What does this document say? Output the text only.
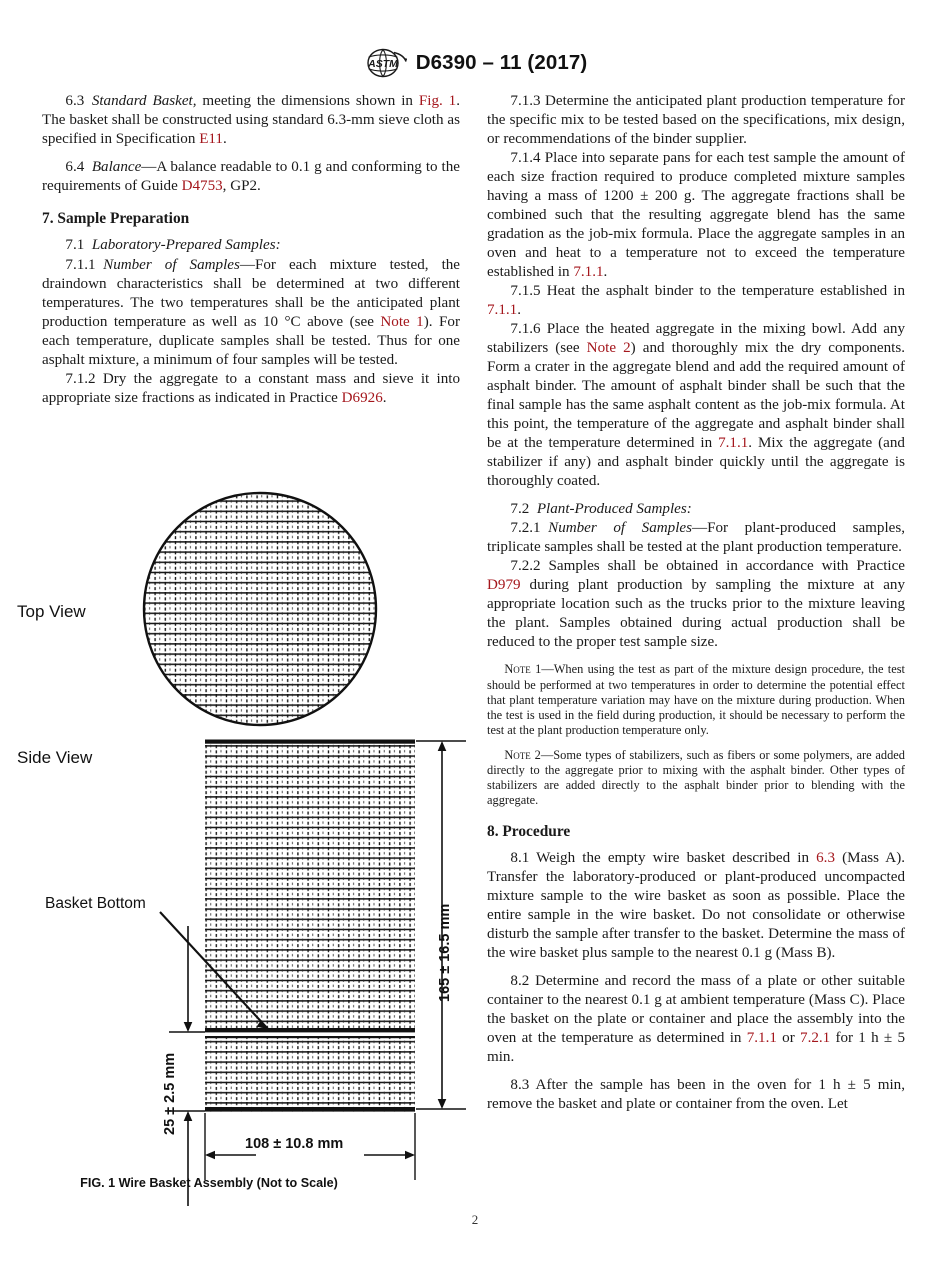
ASTM D6390 – 11 (2017)

6.3  Standard Basket, meeting the dimensions shown in Fig. 1. The basket shall be constructed using standard 6.3-mm sieve cloth as specified in Specification E11.

6.4  Balance—A balance readable to 0.1 g and conforming to the requirements of Guide D4753, GP2.

7. Sample Preparation

7.1  Laboratory-Prepared Samples:

7.1.1  Number of Samples—For each mixture tested, the draindown characteristics shall be determined at two different temperatures. The two temperatures shall be the anticipated plant production temperature as well as 10 °C above (see Note 1). For each temperature, duplicate samples shall be tested. Thus for one asphalt mixture, a minimum of four samples will be tested.

7.1.2 Dry the aggregate to a constant mass and sieve it into appropriate size fractions as indicated in Practice D6926.

7.1.3 Determine the anticipated plant production temperature for the specific mix to be tested based on the specifications, mix design, or recommendations of the binder supplier.

7.1.4 Place into separate pans for each test sample the amount of each size fraction required to produce completed mixture samples having a mass of 1200 ± 200 g. The aggregate fractions shall be combined such that the resulting aggregate blend has the same gradation as the job-mix formula. Place the aggregate samples in an oven and heat to a temperature not to exceed the temperature established in 7.1.1.

7.1.5 Heat the asphalt binder to the temperature established in 7.1.1.

7.1.6 Place the heated aggregate in the mixing bowl. Add any stabilizers (see Note 2) and thoroughly mix the dry components. Form a crater in the aggregate blend and add the required amount of asphalt binder. The amount of asphalt binder shall be such that the final sample has the same asphalt content as the job-mix formula. At this point, the temperature of the aggregate and asphalt binder shall be at the temperature determined in 7.1.1. Mix the aggregate (and stabilizer if any) and asphalt binder quickly until the aggregate is thoroughly coated.

7.2  Plant-Produced Samples:

7.2.1  Number of Samples—For plant-produced samples, triplicate samples shall be tested at the plant production temperature.

7.2.2 Samples shall be obtained in accordance with Practice D979 during plant production by sampling the mixture at any appropriate location such as the trucks prior to the mixture leaving the plant. Samples obtained during actual production shall be reduced to the proper test sample size.

Note 1—When using the test as part of the mixture design procedure, the test should be performed at two temperatures in order to determine the potential effect that plant temperature variation may have on the mixture during production. When the test is used in the field during production, it should be necessary to perform the test at the plant production temperature only.

Note 2—Some types of stabilizers, such as fibers or some polymers, are added directly to the aggregate prior to mixing with the asphalt binder. Other types of stabilizers are added directly to the asphalt binder prior to blending with the aggregate.

8. Procedure

8.1 Weigh the empty wire basket described in 6.3 (Mass A). Transfer the laboratory-produced or plant-produced uncompacted mixture sample to the wire basket as soon as possible. Place the entire sample in the wire basket. Do not consolidate or otherwise disturb the sample after transfer to the basket. Determine the mass of the wire basket plus sample to the nearest 0.1 g (Mass B).

8.2 Determine and record the mass of a plate or other suitable container to the nearest 0.1 g at ambient temperature (Mass C). Place the basket on the plate or container and place the assembly into the oven at the temperature as determined in 7.1.1 or 7.2.1 for 1 h ± 5 min.

8.3 After the sample has been in the oven for 1 h ± 5 min, remove the basket and plate or container from the oven. Let

Top View
Side View
Basket Bottom
165 ± 16.5 mm
25 ± 2.5 mm
108 ± 10.8 mm
FIG. 1 Wire Basket Assembly (Not to Scale)
2
